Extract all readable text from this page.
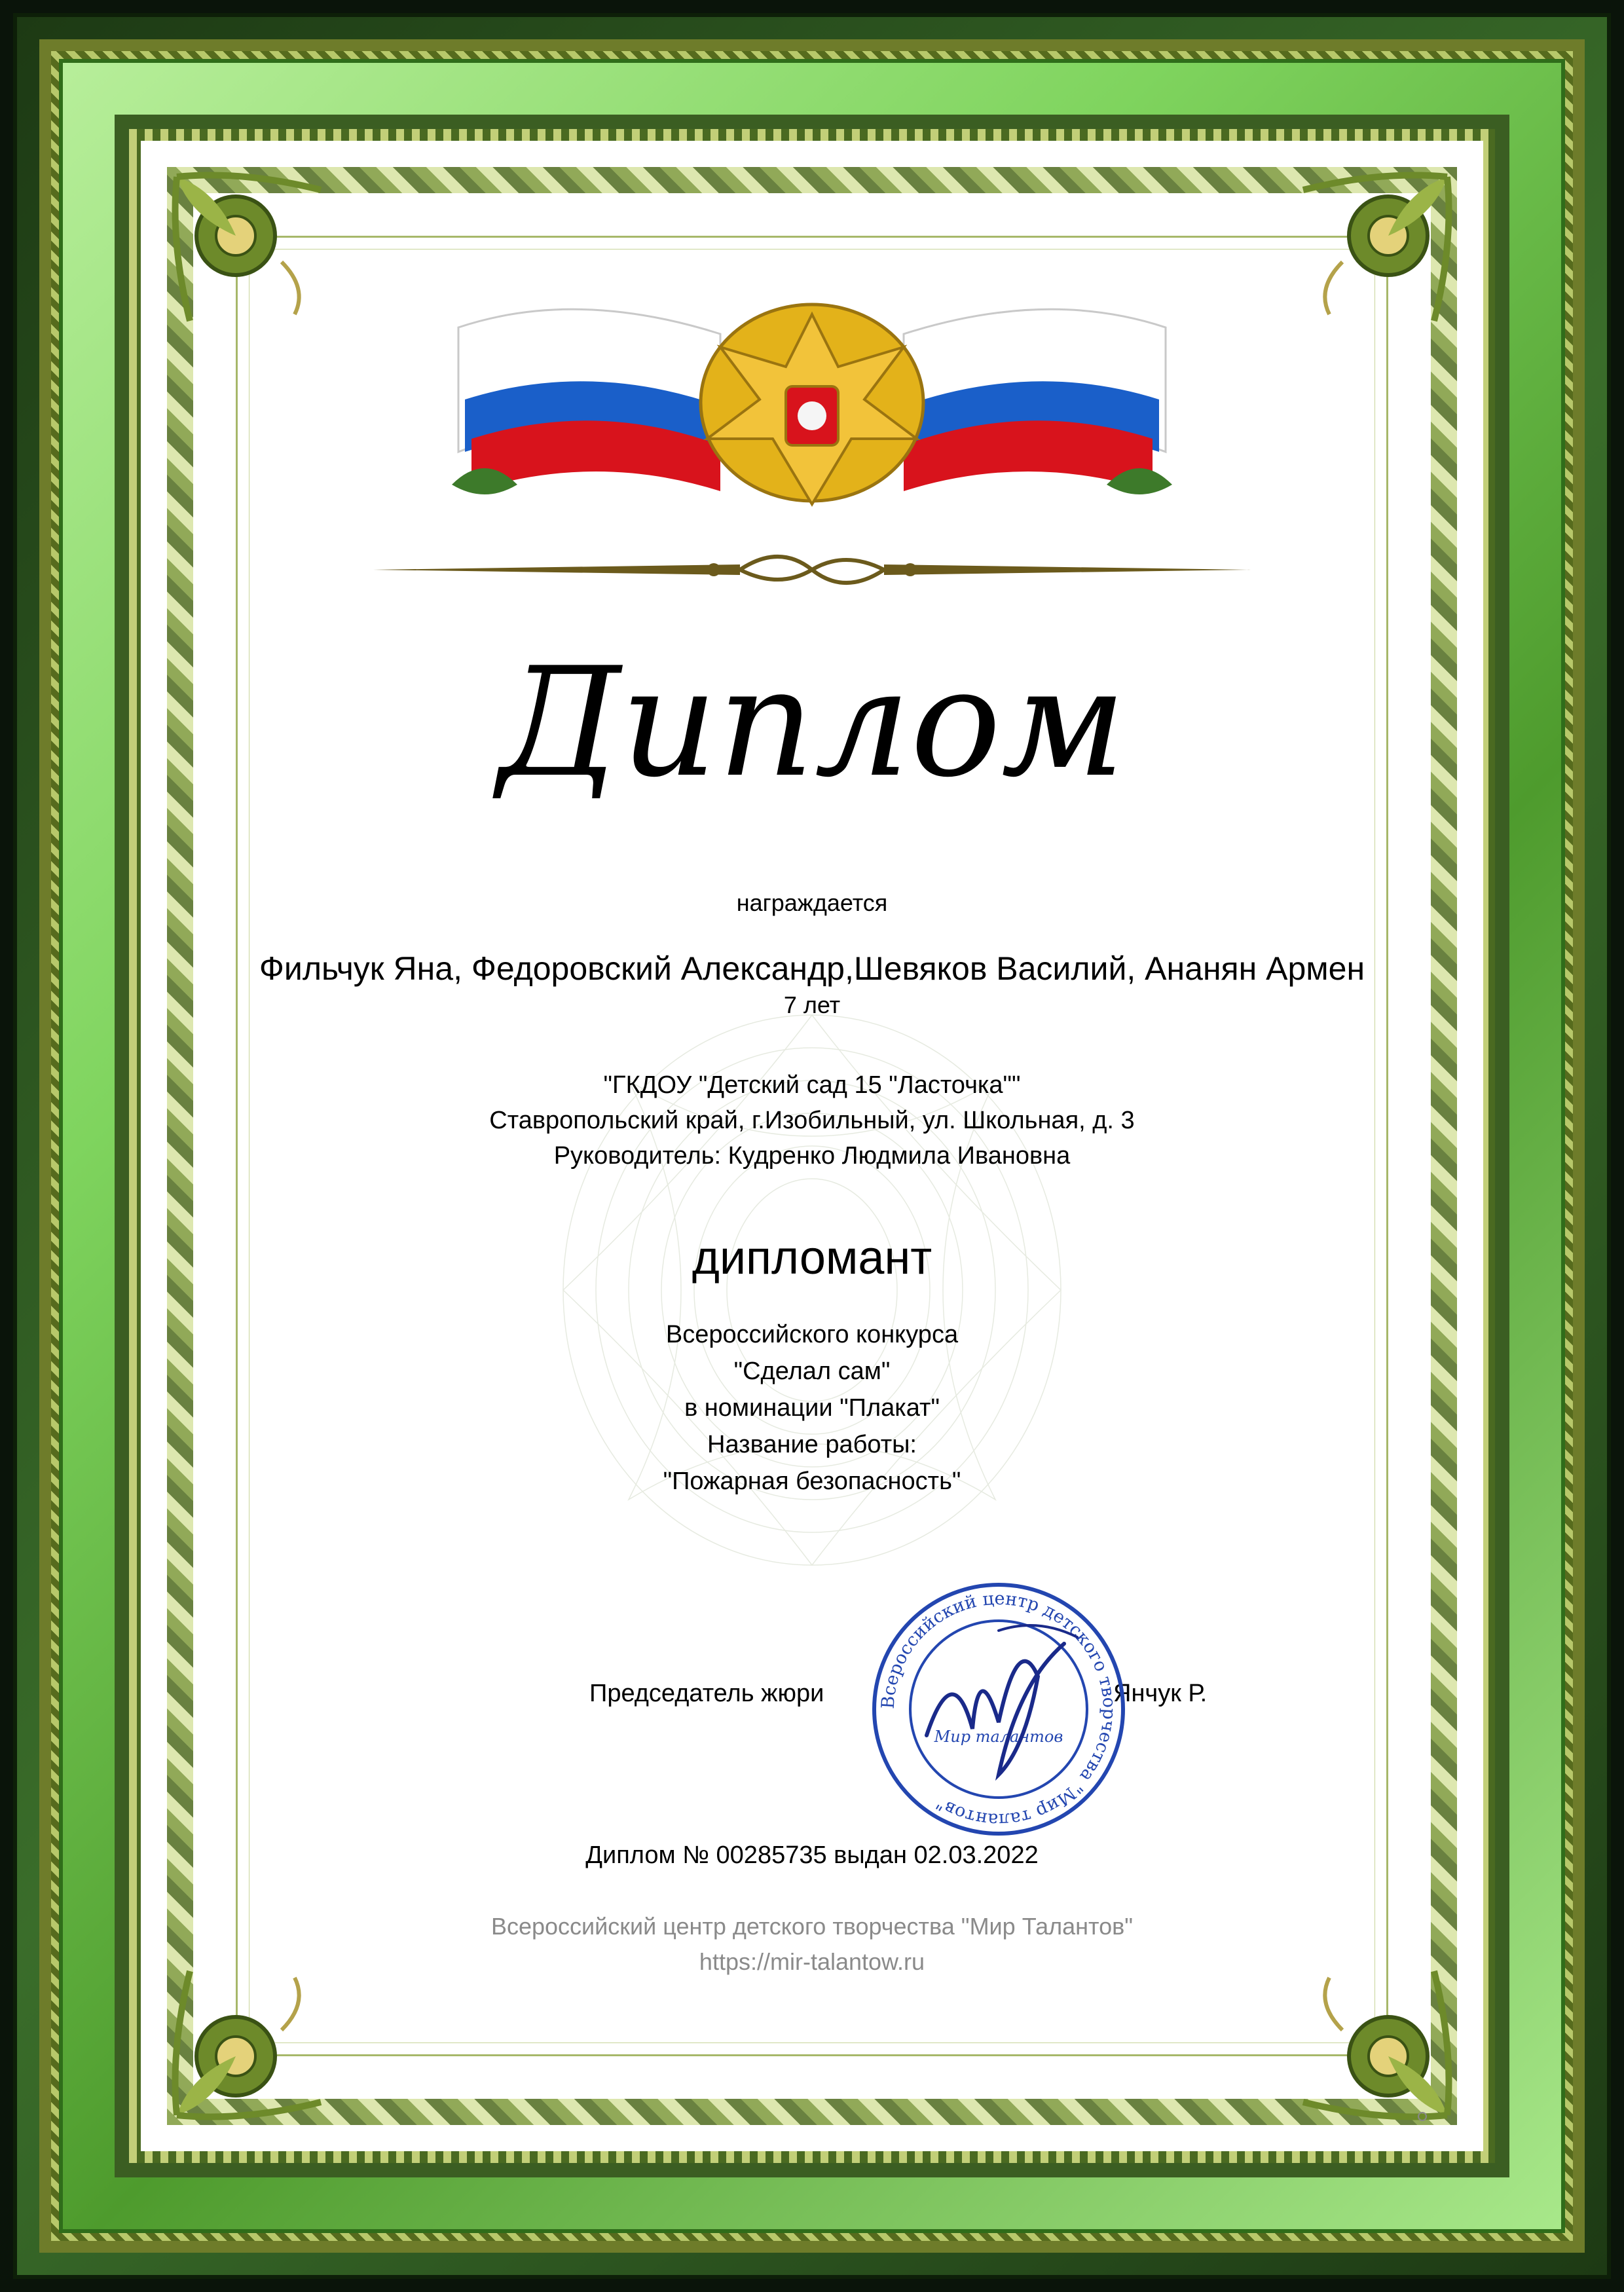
Диплом
награждается
Фильчук Яна, Федоровский Александр,Шевяков Василий, Ананян Армен
7 лет
"ГКДОУ "Детский сад 15 "Ласточка""
Ставропольский край, г.Изобильный, ул. Школьная, д. 3
Руководитель: Кудренко Людмила Ивановна
дипломант
Всероссийского конкурса
"Сделал сам"
в номинации "Плакат"
Название работы:
"Пожарная безопасность"
Председатель жюри	Янчук Р.
Всероссийский центр детского творчества "Мир талантов"
Мир талантов
Диплом № 00285735 выдан 02.03.2022
Всероссийский центр детского творчества "Мир Талантов"
https://mir-talantow.ru
